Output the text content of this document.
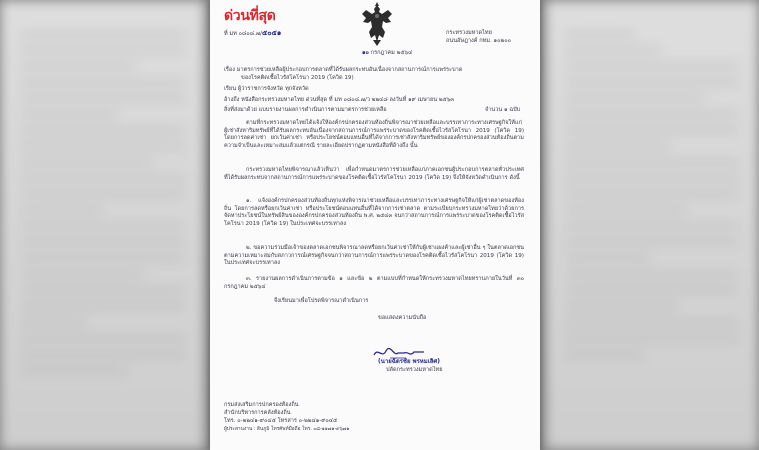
ด่วนที่สุด
ที่ มท ๐๘๐๘.๗/๕๐๕๑	กระทรวงมหาดไทย
ถนนอัษฎางค์ กทม. ๑๐๒๐๐
๑๐ กรกฎาคม ๒๕๖๔
เรื่อง มาตรการช่วยเหลือผู้ประกอบการตลาดที่ได้รับผลกระทบอันเนื่องจากสถานการณ์การแพร่ระบาด
ของโรคติดเชื้อไวรัสโคโรนา 2019 (โควิด 19)
เรียน ผู้ว่าราชการจังหวัด ทุกจังหวัด
อ้างถึง หนังสือกระทรวงมหาดไทย ด่วนที่สุด ที่ มท ๐๘๐๘.๗/ว ๒๒๔๘ ลงวันที่ ๑๙ เมษายน ๒๕๖๓
สิ่งที่ส่งมาด้วย แบบรายงานผลการดำเนินการตามมาตรการช่วยเหลือ	จำนวน ๑ ฉบับ
ตามที่กระทรวงมหาดไทยได้แจ้งให้องค์กรปกครองส่วนท้องถิ่นพิจารณาช่วยเหลือและบรรเทาภาระทางเศรษฐกิจให้แก่ผู้เช่าสังหาริมทรัพย์ที่ได้รับผลกระทบอันเนื่องจากสถานการณ์การแพร่ระบาดของโรคติดเชื้อไวรัสโคโรนา 2019 (โควิด 19) โดยการลดค่าเช่า ยกเว้นค่าเช่า หรือประโยชน์ตอบแทนอื่นที่ได้จากการเช่าสังหาริมทรัพย์ขององค์กรปกครองส่วนท้องถิ่นตามความจำเป็นและเหมาะสมแล้วแต่กรณี รายละเอียดปรากฏตามหนังสือที่อ้างถึง นั้น
กระทรวงมหาดไทยพิจารณาแล้วเห็นว่า เพื่อกำหนดมาตรการช่วยเหลือแก่ภาคเอกชนผู้ประกอบการตลาดทั่วประเทศ ที่ได้รับผลกระทบจากสถานการณ์การแพร่ระบาดของโรคติดเชื้อไวรัสโคโรนา 2019 (โควิด 19) จึงให้จังหวัดดำเนินการ ดังนี้
๑. แจ้งองค์กรปกครองส่วนท้องถิ่นทุกแห่งพิจารณาช่วยเหลือและบรรเทาภาระทางเศรษฐกิจให้แก่ผู้เช่าตลาดของท้องถิ่น โดยการลดหรือยกเว้นค่าเช่า หรือประโยชน์ตอบแทนอื่นที่ได้จากการเช่าตลาด ตามระเบียบกระทรวงมหาดไทยว่าด้วยการจัดหาประโยชน์ในทรัพย์สินขององค์กรปกครองส่วนท้องถิ่น พ.ศ. ๒๕๔๓ จนกว่าสถานการณ์การแพร่ระบาดของโรคติดเชื้อไวรัสโคโรนา 2019 (โควิด 19) ในประเทศจะบรรเทาลง
๒. ขอความร่วมมือเจ้าของตลาดเอกชนพิจารณาลดหรือยกเว้นค่าเช่าให้กับผู้เช่าแผงค้าและผู้เช่าอื่น ๆ ในตลาดเอกชน ตามความเหมาะสมกับสภาวการณ์เศรษฐกิจจนกว่าสถานการณ์การแพร่ระบาดของโรคติดเชื้อไวรัสโคโรนา 2019 (โควิด 19) ในประเทศจะบรรเทาลง
๓. รายงานผลการดำเนินการตามข้อ ๑ และข้อ ๒ ตามแบบที่กำหนดให้กระทรวงมหาดไทยทราบภายในวันที่ ๓๐ กรกฎาคม ๒๕๖๔
จึงเรียนมาเพื่อโปรดพิจารณาดำเนินการ
ขอแสดงความนับถือ
(นายฉัตรชัย พรหมเลิศ)
ปลัดกระทรวงมหาดไทย
กรมส่งเสริมการปกครองท้องถิ่น
สำนักบริหารการคลังท้องถิ่น
โทร. ๐-๒๒๔๑-๙๐๔๕ โทรสาร ๐-๒๒๔๑-๙๐๔๕
ผู้ประสานงาน : สินภูมิ โทรศัพท์มือถือ โทร. ๐๘-๑๑๗๑-๙๖๗๑
